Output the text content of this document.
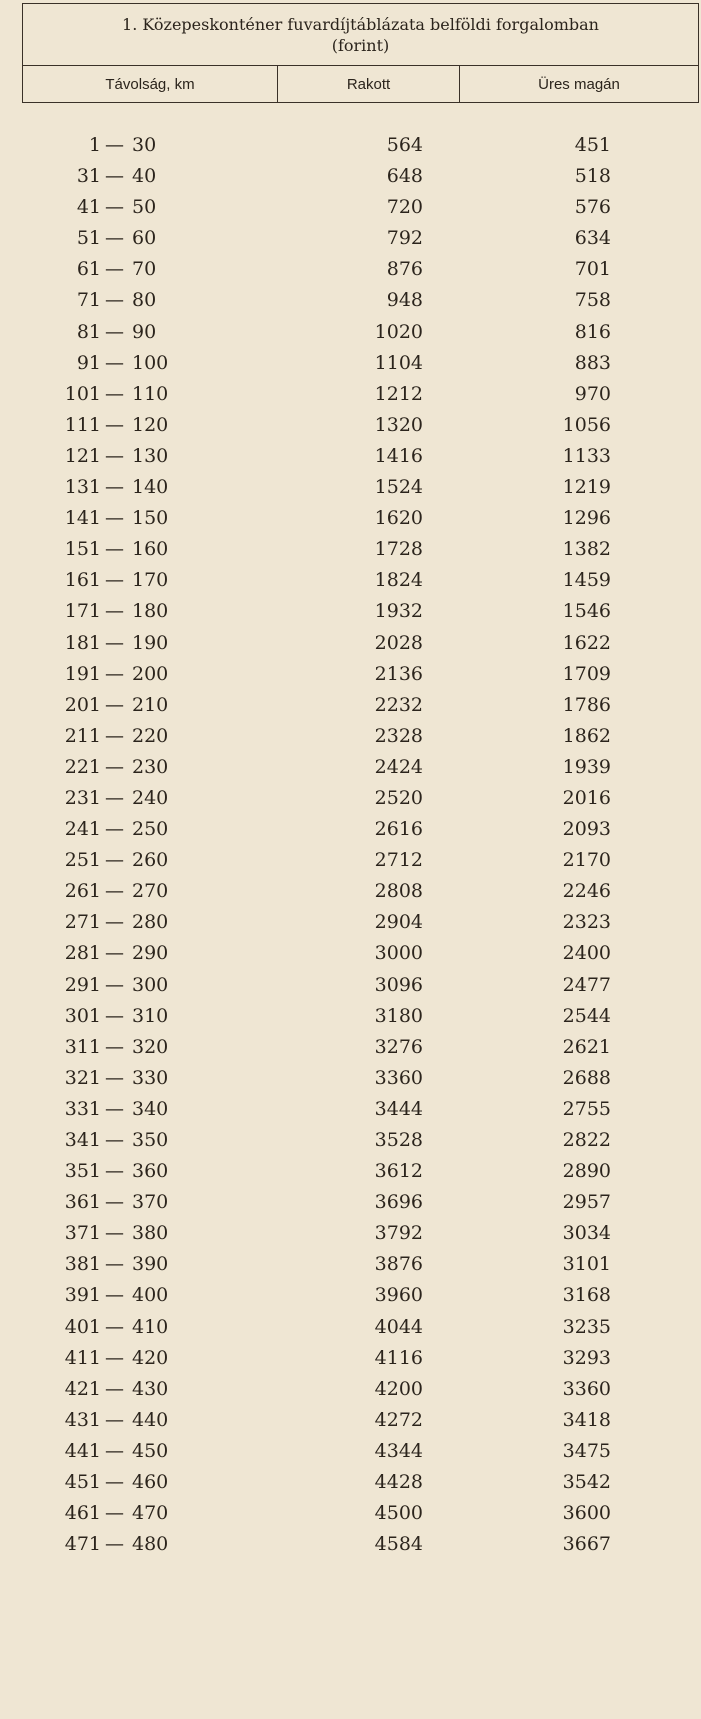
1. Közepeskonténer fuvardíjtáblázata belföldi forgalomban
(forint)
Távolság, km	Rakott	Üres magán
1 — 30	564	451
31 — 40	648	518
41 — 50	720	576
51 — 60	792	634
61 — 70	876	701
71 — 80	948	758
81 — 90	1020	816
91 — 100	1104	883
101 — 110	1212	970
111 — 120	1320	1056
121 — 130	1416	1133
131 — 140	1524	1219
141 — 150	1620	1296
151 — 160	1728	1382
161 — 170	1824	1459
171 — 180	1932	1546
181 — 190	2028	1622
191 — 200	2136	1709
201 — 210	2232	1786
211 — 220	2328	1862
221 — 230	2424	1939
231 — 240	2520	2016
241 — 250	2616	2093
251 — 260	2712	2170
261 — 270	2808	2246
271 — 280	2904	2323
281 — 290	3000	2400
291 — 300	3096	2477
301 — 310	3180	2544
311 — 320	3276	2621
321 — 330	3360	2688
331 — 340	3444	2755
341 — 350	3528	2822
351 — 360	3612	2890
361 — 370	3696	2957
371 — 380	3792	3034
381 — 390	3876	3101
391 — 400	3960	3168
401 — 410	4044	3235
411 — 420	4116	3293
421 — 430	4200	3360
431 — 440	4272	3418
441 — 450	4344	3475
451 — 460	4428	3542
461 — 470	4500	3600
471 — 480	4584	3667
